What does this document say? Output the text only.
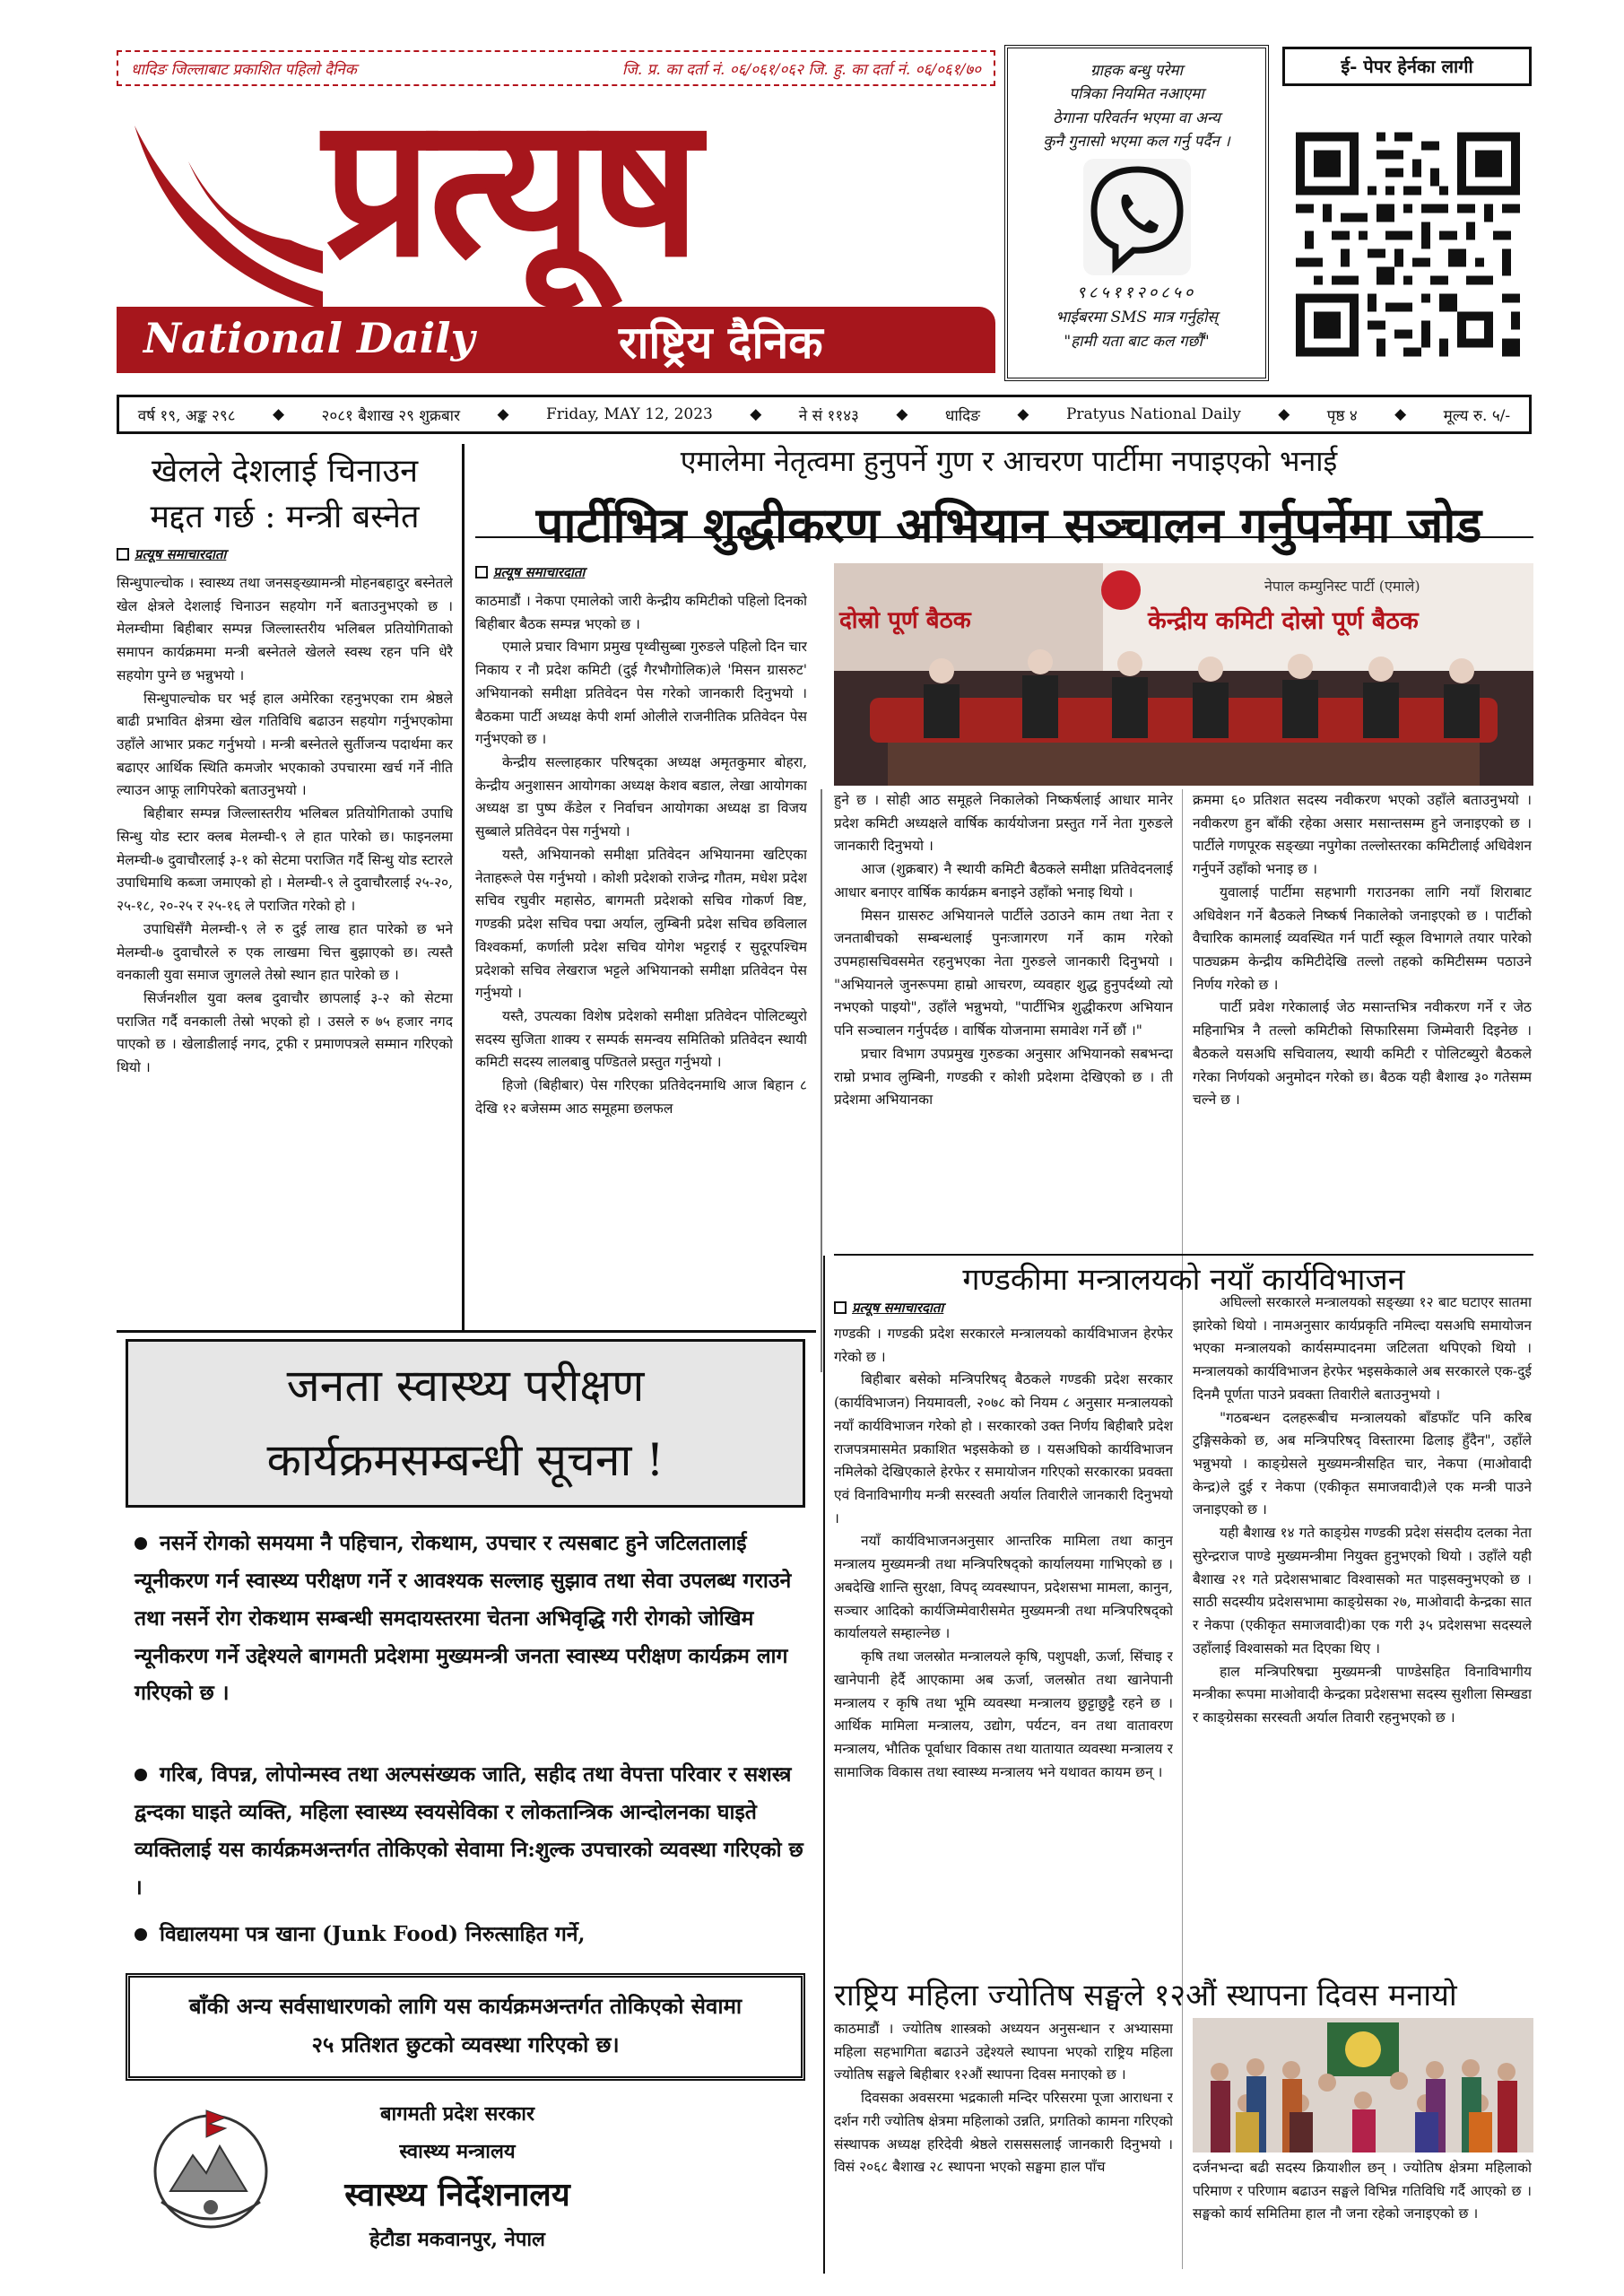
धादिङ जिल्लाबाट प्रकाशित पहिलो दैनिक	जि. प्र. का दर्ता नं. ०६/०६१/०६२ जि. हु. का दर्ता नं. ०६/०६१/७०
प्रत्यूष
National Daily	राष्ट्रिय दैनिक
ग्राहक बन्धु परेमा
पत्रिका नियमित नआएमा
ठेगाना परिवर्तन भएमा वा अन्य
कुनै गुनासो भएमा कल गर्नु पर्दैन ।
९८५११२०८५०
भाईबरमा SMS मात्र गर्नुहोस्
"हामी यता बाट कल गर्छौं"
ई- पेपर हेर्नका लागी
वर्ष १९, अङ्क २९८ ◆ २०८१ बैशाख २९ शुक्रबार ◆ Friday, MAY 12, 2023 ◆ ने सं ११४३ ◆ धादिङ ◆ Pratyus National Daily ◆ पृष्ठ ४ ◆ मूल्य रु. ५/-
खेलले देशलाई चिनाउन
मद्दत गर्छ : मन्त्री बस्नेत
प्रत्यूष समाचारदाता

सिन्धुपाल्चोक । स्वास्थ्य तथा जनसङ्ख्यामन्त्री मोहनबहादुर बस्नेतले खेल क्षेत्रले देशलाई चिनाउन सहयोग गर्ने बताउनुभएको छ । मेलम्चीमा बिहीबार सम्पन्न जिल्लास्तरीय भलिबल प्रतियोगिताको समापन कार्यक्रममा मन्त्री बस्नेतले खेलले स्वस्थ रहन पनि धेरै सहयोग पुग्ने छ भन्नुभयो ।

सिन्धुपाल्चोक घर भई हाल अमेरिका रहनुभएका राम श्रेष्ठले बाढी प्रभावित क्षेत्रमा खेल गतिविधि बढाउन सहयोग गर्नुभएकोमा उहाँले आभार प्रकट गर्नुभयो । मन्त्री बस्नेतले सुर्तीजन्य पदार्थमा कर बढाएर आर्थिक स्थिति कमजोर भएकाको उपचारमा खर्च गर्ने नीति ल्याउन आफू लागिपरेको बताउनुभयो ।

बिहीबार सम्पन्न जिल्लास्तरीय भलिबल प्रतियोगिताको उपाधि सिन्धु योड स्टार क्लब मेलम्ची-९ ले हात पारेको छ। फाइनलमा मेलम्ची-७ दुवाचौरलाई ३-१ को सेटमा पराजित गर्दै सिन्धु योड स्टारले उपाधिमाथि कब्जा जमाएको हो । मेलम्ची-९ ले दुवाचौरलाई २५-२०, २५-१८, २०-२५ र २५-१६ ले पराजित गरेको हो ।

उपाधिसँगै मेलम्ची-९ ले रु दुई लाख हात पारेको छ भने मेलम्ची-७ दुवाचौरले रु एक लाखमा चित्त बुझाएको छ। त्यस्तै वनकाली युवा समाज जुगलले तेस्रो स्थान हात पारेको छ ।

सिर्जनशील युवा क्लब दुवाचौर छापलाई ३-२ को सेटमा पराजित गर्दै वनकाली तेस्रो भएको हो । उसले रु ७५ हजार नगद पाएको छ । खेलाडीलाई नगद, ट्रफी र प्रमाणपत्रले सम्मान गरिएको थियो ।

एमालेमा नेतृत्वमा हुनुपर्ने गुण र आचरण पार्टीमा नपाइएको भनाई
पार्टीभित्र शुद्धीकरण अभियान सञ्चालन गर्नुपर्नेमा जोड
प्रत्यूष समाचारदाता

काठमाडौं । नेकपा एमालेको जारी केन्द्रीय कमिटीको पहिलो दिनको बिहीबार बैठक सम्पन्न भएको छ ।

एमाले प्रचार विभाग प्रमुख पृथ्वीसुब्बा गुरुङले पहिलो दिन चार निकाय र नौ प्रदेश कमिटी (दुई गैरभौगोलिक)ले 'मिसन ग्रासरुट' अभियानको समीक्षा प्रतिवेदन पेस गरेको जानकारी दिनुभयो । बैठकमा पार्टी अध्यक्ष केपी शर्मा ओलीले राजनीतिक प्रतिवेदन पेस गर्नुभएको छ ।

केन्द्रीय सल्लाहकार परिषद्का अध्यक्ष अमृतकुमार बोहरा, केन्द्रीय अनुशासन आयोगका अध्यक्ष केशव बडाल, लेखा आयोगका अध्यक्ष डा पुष्प कँडेल र निर्वाचन आयोगका अध्यक्ष डा विजय सुब्बाले प्रतिवेदन पेस गर्नुभयो ।

यस्तै, अभियानको समीक्षा प्रतिवेदन अभियानमा खटिएका नेताहरूले पेस गर्नुभयो । कोशी प्रदेशको राजेन्द्र गौतम, मधेश प्रदेश सचिव रघुवीर महासेठ, बागमती प्रदेशको सचिव गोकर्ण विष्ट, गण्डकी प्रदेश सचिव पद्मा अर्याल, लुम्बिनी प्रदेश सचिव छविलाल विश्वकर्मा, कर्णाली प्रदेश सचिव योगेश भट्टराई र सुदूरपश्चिम प्रदेशको सचिव लेखराज भट्टले अभियानको समीक्षा प्रतिवेदन पेस गर्नुभयो ।

यस्तै, उपत्यका विशेष प्रदेशको समीक्षा प्रतिवेदन पोलिटब्युरो सदस्य सुजिता शाक्य र सम्पर्क समन्वय समितिको प्रतिवेदन स्थायी कमिटी सदस्य लालबाबु पण्डितले प्रस्तुत गर्नुभयो ।

हिजो (बिहीबार) पेस गरिएका प्रतिवेदनमाथि आज बिहान ८ देखि १२ बजेसम्म आठ समूहमा छलफल

दोस्रो पूर्ण बैठक
नेपाल कम्युनिस्ट पार्टी (एमाले)
केन्द्रीय कमिटी दोस्रो पूर्ण बैठक

हुने छ । सोही आठ समूहले निकालेको निष्कर्षलाई आधार मानेर प्रदेश कमिटी अध्यक्षले वार्षिक कार्ययोजना प्रस्तुत गर्ने नेता गुरुङले जानकारी दिनुभयो ।

आज (शुक्रबार) नै स्थायी कमिटी बैठकले समीक्षा प्रतिवेदनलाई आधार बनाएर वार्षिक कार्यक्रम बनाइने उहाँको भनाइ थियो ।

मिसन ग्रासरुट अभियानले पार्टीले उठाउने काम तथा नेता र जनताबीचको सम्बन्धलाई पुनःजागरण गर्ने काम गरेको उपमहासचिवसमेत रहनुभएका नेता गुरुङले जानकारी दिनुभयो । "अभियानले जुनरूपमा हाम्रो आचरण, व्यवहार शुद्ध हुनुपर्दथ्यो त्यो नभएको पाइयो", उहाँले भन्नुभयो, "पार्टीभित्र शुद्धीकरण अभियान पनि सञ्चालन गर्नुपर्दछ । वार्षिक योजनामा समावेश गर्ने छौं ।"

प्रचार विभाग उपप्रमुख गुरुङका अनुसार अभियानको सबभन्दा राम्रो प्रभाव लुम्बिनी, गण्डकी र कोशी प्रदेशमा देखिएको छ । ती प्रदेशमा अभियानका

क्रममा ६० प्रतिशत सदस्य नवीकरण भएको उहाँले बताउनुभयो । नवीकरण हुन बाँकी रहेका असार मसान्तसम्म हुने जनाइएको छ । पार्टीले गणपूरक सङ्ख्या नपुगेका तल्लोस्तरका कमिटीलाई अधिवेशन गर्नुपर्ने उहाँको भनाइ छ ।

युवालाई पार्टीमा सहभागी गराउनका लागि नयाँ शिराबाट अधिवेशन गर्ने बैठकले निष्कर्ष निकालेको जनाइएको छ । पार्टीको वैचारिक कामलाई व्यवस्थित गर्न पार्टी स्कूल विभागले तयार पारेको पाठ्यक्रम केन्द्रीय कमिटीदेखि तल्लो तहको कमिटीसम्म पठाउने निर्णय गरेको छ ।

पार्टी प्रवेश गरेकालाई जेठ मसान्तभित्र नवीकरण गर्ने र जेठ महिनाभित्र नै तल्लो कमिटीको सिफारिसमा जिम्मेवारी दिइनेछ । बैठकले यसअघि सचिवालय, स्थायी कमिटी र पोलिटब्युरो बैठकले गरेका निर्णयको अनुमोदन गरेको छ। बैठक यही बैशाख ३० गतेसम्म चल्ने छ ।

गण्डकीमा मन्त्रालयको नयाँ कार्यविभाजन
प्रत्यूष समाचारदाता

गण्डकी । गण्डकी प्रदेश सरकारले मन्त्रालयको कार्यविभाजन हेरफेर गरेको छ ।

बिहीबार बसेको मन्त्रिपरिषद् बैठकले गण्डकी प्रदेश सरकार (कार्यविभाजन) नियमावली, २०७८ को नियम ८ अनुसार मन्त्रालयको नयाँ कार्यविभाजन गरेको हो । सरकारको उक्त निर्णय बिहीबारै प्रदेश राजपत्रमासमेत प्रकाशित भइसकेको छ । यसअघिको कार्यविभाजन नमिलेको देखिएकाले हेरफेर र समायोजन गरिएको सरकारका प्रवक्ता एवं विनाविभागीय मन्त्री सरस्वती अर्याल तिवारीले जानकारी दिनुभयो ।

नयाँ कार्यविभाजनअनुसार आन्तरिक मामिला तथा कानुन मन्त्रालय मुख्यमन्त्री तथा मन्त्रिपरिषद्को कार्यालयमा गाभिएको छ । अबदेखि शान्ति सुरक्षा, विपद् व्यवस्थापन, प्रदेशसभा मामला, कानुन, सञ्चार आदिको कार्यजिम्मेवारीसमेत मुख्यमन्त्री तथा मन्त्रिपरिषद्को कार्यालयले सम्हाल्नेछ ।

कृषि तथा जलस्रोत मन्त्रालयले कृषि, पशुपक्षी, ऊर्जा, सिंचाइ र खानेपानी हेर्दै आएकामा अब ऊर्जा, जलस्रोत तथा खानेपानी मन्त्रालय र कृषि तथा भूमि व्यवस्था मन्त्रालय छुट्टाछुट्टै रहने छ । आर्थिक मामिला मन्त्रालय, उद्योग, पर्यटन, वन तथा वातावरण मन्त्रालय, भौतिक पूर्वाधार विकास तथा यातायात व्यवस्था मन्त्रालय र सामाजिक विकास तथा स्वास्थ्य मन्त्रालय भने यथावत कायम छन् ।

अघिल्लो सरकारले मन्त्रालयको सङ्ख्या १२ बाट घटाएर सातमा झारेको थियो । नामअनुसार कार्यप्रकृति नमिल्दा यसअघि समायोजन भएका मन्त्रालयको कार्यसम्पादनमा जटिलता थपिएको थियो । मन्त्रालयको कार्यविभाजन हेरफेर भइसकेकाले अब सरकारले एक-दुई दिनमै पूर्णता पाउने प्रवक्ता तिवारीले बताउनुभयो ।

"गठबन्धन दलहरूबीच मन्त्रालयको बाँडफाँट पनि करिब टुङ्गिसकेको छ, अब मन्त्रिपरिषद् विस्तारमा ढिलाइ हुँदैन", उहाँले भन्नुभयो । काङ्ग्रेसले मुख्यमन्त्रीसहित चार, नेकपा (माओवादी केन्द्र)ले दुई र नेकपा (एकीकृत समाजवादी)ले एक मन्त्री पाउने जनाइएको छ ।

यही बैशाख १४ गते काङ्ग्रेस गण्डकी प्रदेश संसदीय दलका नेता सुरेन्द्रराज पाण्डे मुख्यमन्त्रीमा नियुक्त हुनुभएको थियो । उहाँले यही बैशाख २१ गते प्रदेशसभाबाट विश्वासको मत पाइसक्नुभएको छ । साठी सदस्यीय प्रदेशसभामा काङ्ग्रेसका २७, माओवादी केन्द्रका सात र नेकपा (एकीकृत समाजवादी)का एक गरी ३५ प्रदेशसभा सदस्यले उहाँलाई विश्वासको मत दिएका थिए ।

हाल मन्त्रिपरिषद्मा मुख्यमन्त्री पाण्डेसहित विनाविभागीय मन्त्रीका रूपमा माओवादी केन्द्रका प्रदेशसभा सदस्य सुशीला सिम्खडा र काङ्ग्रेसका सरस्वती अर्याल तिवारी रहनुभएको छ ।

राष्ट्रिय महिला ज्योतिष सङ्घले १२औं स्थापना दिवस मनायो

काठमाडौं । ज्योतिष शास्त्रको अध्ययन अनुसन्धान र अभ्यासमा महिला सहभागिता बढाउने उद्देश्यले स्थापना भएको राष्ट्रिय महिला ज्योतिष सङ्घले बिहीबार १२औं स्थापना दिवस मनाएको छ ।

दिवसका अवसरमा भद्रकाली मन्दिर परिसरमा पूजा आराधना र दर्शन गरी ज्योतिष क्षेत्रमा महिलाको उन्नति, प्रगतिको कामना गरिएको संस्थापक अध्यक्ष हरिदेवी श्रेष्ठले रासससलाई जानकारी दिनुभयो । विसं २०६८ बैशाख २८ स्थापना भएको सङ्घमा हाल पाँच	दर्जनभन्दा बढी सदस्य क्रियाशील छन् । ज्योतिष क्षेत्रमा महिलाको परिमाण र परिणाम बढाउन सङ्घले विभिन्न गतिविधि गर्दै आएको छ । सङ्घको कार्य समितिमा हाल नौ जना रहेको जनाइएको छ ।

जनता स्वास्थ्य परीक्षण
कार्यक्रमसम्बन्धी सूचना !
नसर्ने रोगको समयमा नै पहिचान, रोकथाम, उपचार र त्यसबाट हुने जटिलतालाई न्यूनीकरण गर्न स्वास्थ्य परीक्षण गर्ने र आवश्यक सल्लाह सुझाव तथा सेवा उपलब्ध गराउने तथा नसर्ने रोग रोकथाम सम्बन्धी समदायस्तरमा चेतना अभिवृद्धि गरी रोगको जोखिम न्यूनीकरण गर्ने उद्देश्यले बागमती प्रदेशमा मुख्यमन्त्री जनता स्वास्थ्य परीक्षण कार्यक्रम लाग गरिएको छ ।
गरिब, विपन्न, लोपोन्मस्व तथा अल्पसंख्यक जाति, सहीद तथा वेपत्ता परिवार र सशस्त्र द्वन्दका घाइते व्यक्ति, महिला स्वास्थ्य स्वयसेविका र लोकतान्त्रिक आन्दोलनका घाइते व्यक्तिलाई यस कार्यक्रमअन्तर्गत तोकिएको सेवामा नि:शुल्क उपचारको व्यवस्था गरिएको छ ।
विद्यालयमा पत्र खाना (Junk Food) निरुत्साहित गर्ने,
बाँकी अन्य सर्वसाधारणको लागि यस कार्यक्रमअन्तर्गत तोकिएको सेवामा
२५ प्रतिशत छुटको व्यवस्था गरिएको छ।
बागमती प्रदेश सरकार
स्वास्थ्य मन्त्रालय
स्वास्थ्य निर्देशनालय
हेटौडा मकवानपुर, नेपाल
